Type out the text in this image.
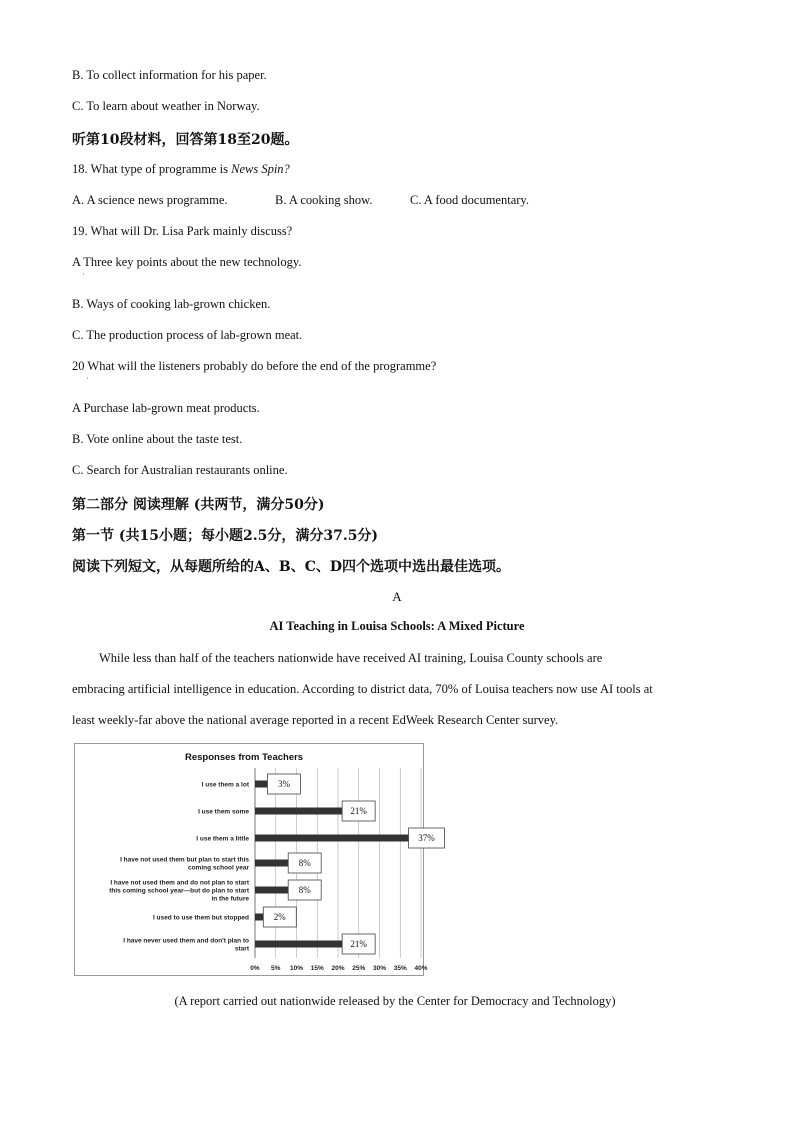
B. To collect information for his paper.
C. To learn about weather in Norway.
听第10段材料，回答第18至20题。
18. What type of programme is News Spin?
A. A science news programme.	B. A cooking show.	C. A food documentary.
19. What will Dr. Lisa Park mainly discuss?
A Three key points about the new technology.
·
B. Ways of cooking lab-grown chicken.
C. The production process of lab-grown meat.
20 What will the listeners probably do before the end of the programme?
·
A Purchase lab-grown meat products.
B. Vote online about the taste test.
C. Search for Australian restaurants online.
第二部分 阅读理解 (共两节，满分50分)
第一节 (共15小题；每小题2.5分，满分37.5分)
阅读下列短文，从每题所给的A、B、C、D四个选项中选出最佳选项。
A
AI Teaching in Louisa Schools: A Mixed Picture
While less than half of the teachers nationwide have received AI training, Louisa County schools are
embracing artificial intelligence in education. According to district data, 70% of Louisa teachers now use AI tools at
least weekly-far above the national average reported in a recent EdWeek Research Center survey.
Responses from Teachers
0% 5% 10% 15% 20% 25% 30% 35% 40%
I use them a lot	3%
I use them some	21%
I use them a little	37%
I have not used them but plan to start this
coming school year	8%
I have not used them and do not plan to start
this coming school year—but do plan to start
in the future
8%
I used to use them but stopped	2%
I have never used them and don't plan to
start	21%
(A report carried out nationwide released by the Center for Democracy and Technology)
